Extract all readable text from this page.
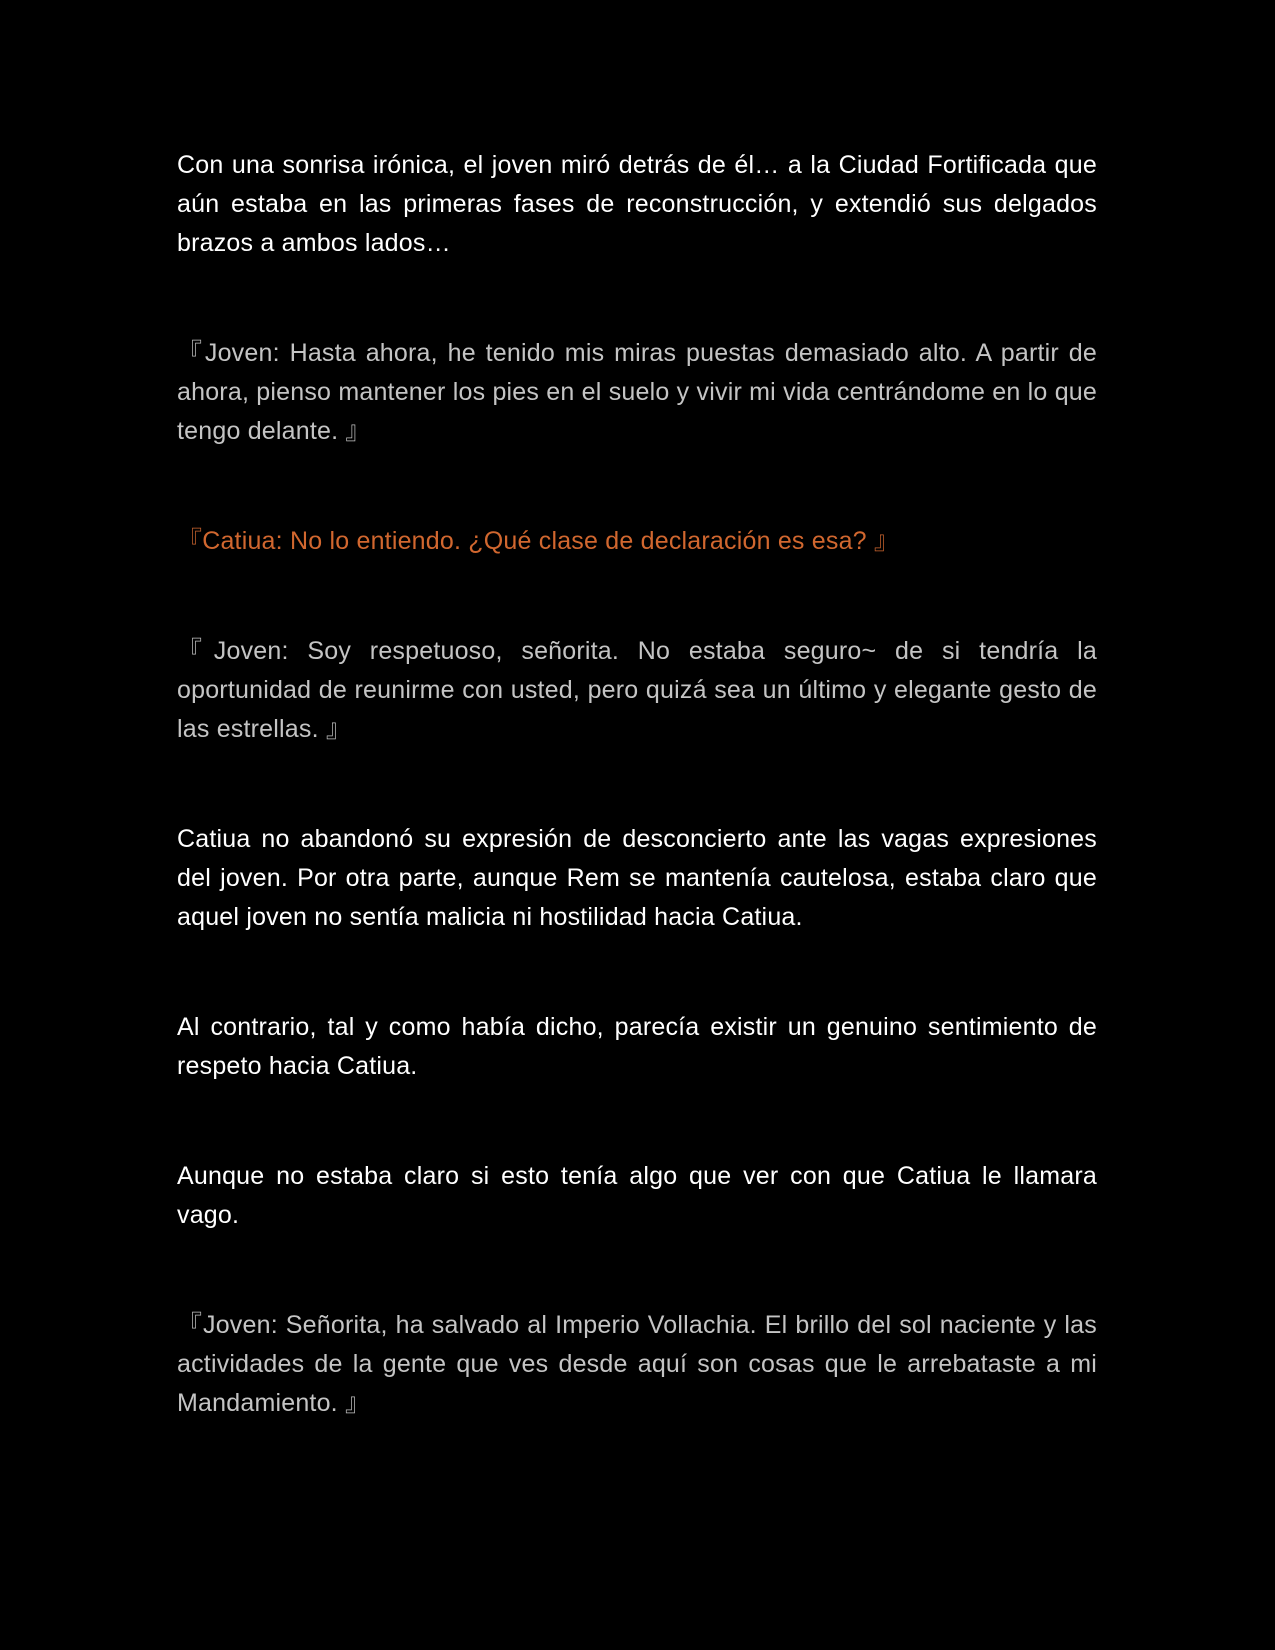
Con una sonrisa irónica, el joven miró detrás de él… a la Ciudad Fortificada que aún estaba en las primeras fases de reconstrucción, y extendió sus delgados brazos a ambos lados…

『Joven: Hasta ahora, he tenido mis miras puestas demasiado alto. A partir de ahora, pienso mantener los pies en el suelo y vivir mi vida centrándome en lo que tengo delante. 』

『Catiua: No lo entiendo. ¿Qué clase de declaración es esa? 』

『Joven: Soy respetuoso, señorita. No estaba seguro~ de si tendría la oportunidad de reunirme con usted, pero quizá sea un último y elegante gesto de las estrellas. 』

Catiua no abandonó su expresión de desconcierto ante las vagas expresiones del joven. Por otra parte, aunque Rem se mantenía cautelosa, estaba claro que aquel joven no sentía malicia ni hostilidad hacia Catiua.

Al contrario, tal y como había dicho, parecía existir un genuino sentimiento de respeto hacia Catiua.

Aunque no estaba claro si esto tenía algo que ver con que Catiua le llamara vago.

『Joven: Señorita, ha salvado al Imperio Vollachia. El brillo del sol naciente y las actividades de la gente que ves desde aquí son cosas que le arrebataste a mi Mandamiento. 』
